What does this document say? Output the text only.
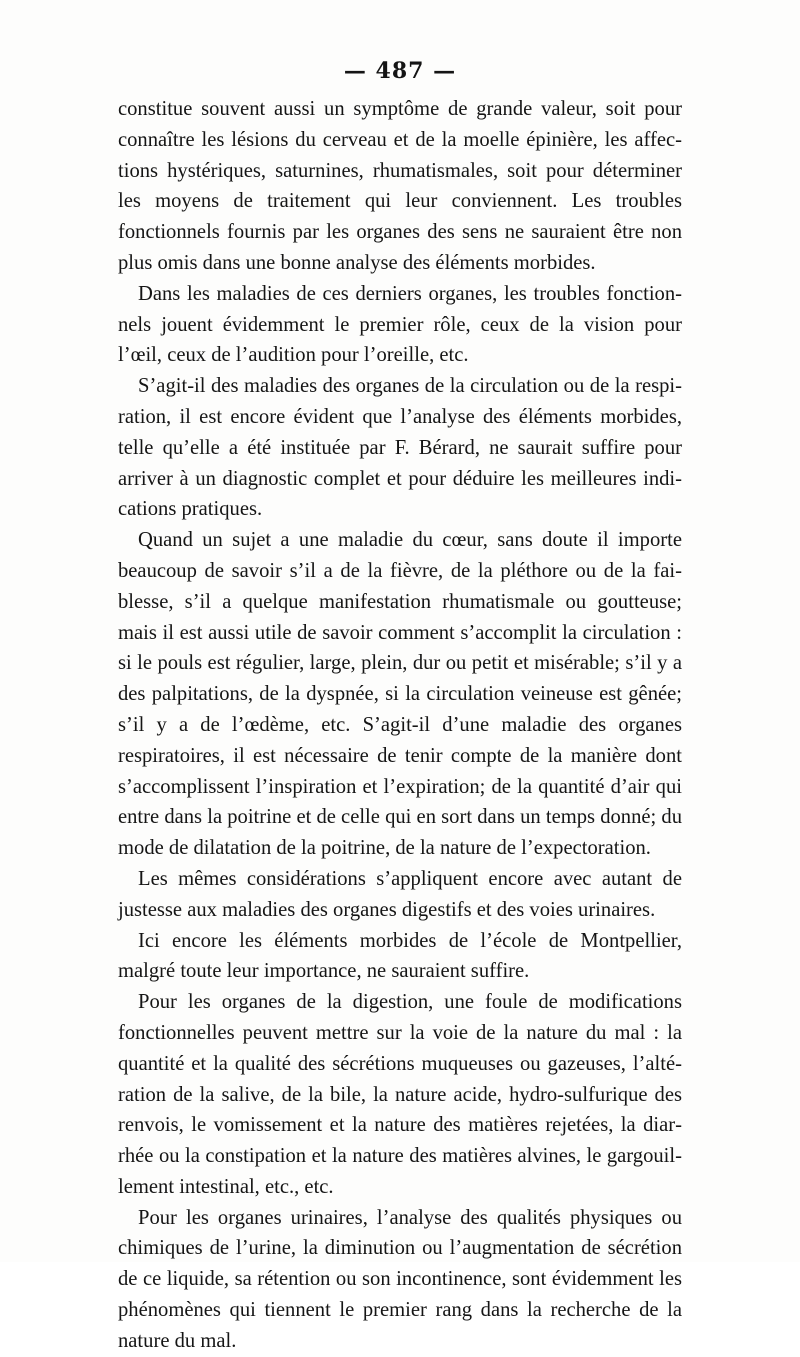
— 487 —

constitue souvent aussi un symptôme de grande valeur, soit pour connaître les lésions du cerveau et de la moelle épinière, les affections hystériques, saturnines, rhumatismales, soit pour déterminer les moyens de traitement qui leur conviennent. Les troubles fonctionnels fournis par les organes des sens ne sauraient être non plus omis dans une bonne analyse des éléments morbides.

Dans les maladies de ces derniers organes, les troubles fonctionnels jouent évidemment le premier rôle, ceux de la vision pour l’œil, ceux de l’audition pour l’oreille, etc.

S’agit-il des maladies des organes de la circulation ou de la respiration, il est encore évident que l’analyse des éléments morbides, telle qu’elle a été instituée par F. Bérard, ne saurait suffire pour arriver à un diagnostic complet et pour déduire les meilleures indications pratiques.

Quand un sujet a une maladie du cœur, sans doute il importe beaucoup de savoir s’il a de la fièvre, de la pléthore ou de la faiblesse, s’il a quelque manifestation rhumatismale ou goutteuse; mais il est aussi utile de savoir comment s’accomplit la circulation : si le pouls est régulier, large, plein, dur ou petit et misérable; s’il y a des palpitations, de la dyspnée, si la circulation veineuse est gênée; s’il y a de l’œdème, etc. S’agit-il d’une maladie des organes respiratoires, il est nécessaire de tenir compte de la manière dont s’accomplissent l’inspiration et l’expiration; de la quantité d’air qui entre dans la poitrine et de celle qui en sort dans un temps donné; du mode de dilatation de la poitrine, de la nature de l’expectoration.

Les mêmes considérations s’appliquent encore avec autant de justesse aux maladies des organes digestifs et des voies urinaires.

Ici encore les éléments morbides de l’école de Montpellier, malgré toute leur importance, ne sauraient suffire.

Pour les organes de la digestion, une foule de modifications fonctionnelles peuvent mettre sur la voie de la nature du mal : la quantité et la qualité des sécrétions muqueuses ou gazeuses, l’altération de la salive, de la bile, la nature acide, hydro-sulfurique des renvois, le vomissement et la nature des matières rejetées, la diarrhée ou la constipation et la nature des matières alvines, le gargouillement intestinal, etc., etc.

Pour les organes urinaires, l’analyse des qualités physiques ou chimiques de l’urine, la diminution ou l’augmentation de sécrétion de ce liquide, sa rétention ou son incontinence, sont évidemment les phénomènes qui tiennent le premier rang dans la recherche de la nature du mal.
